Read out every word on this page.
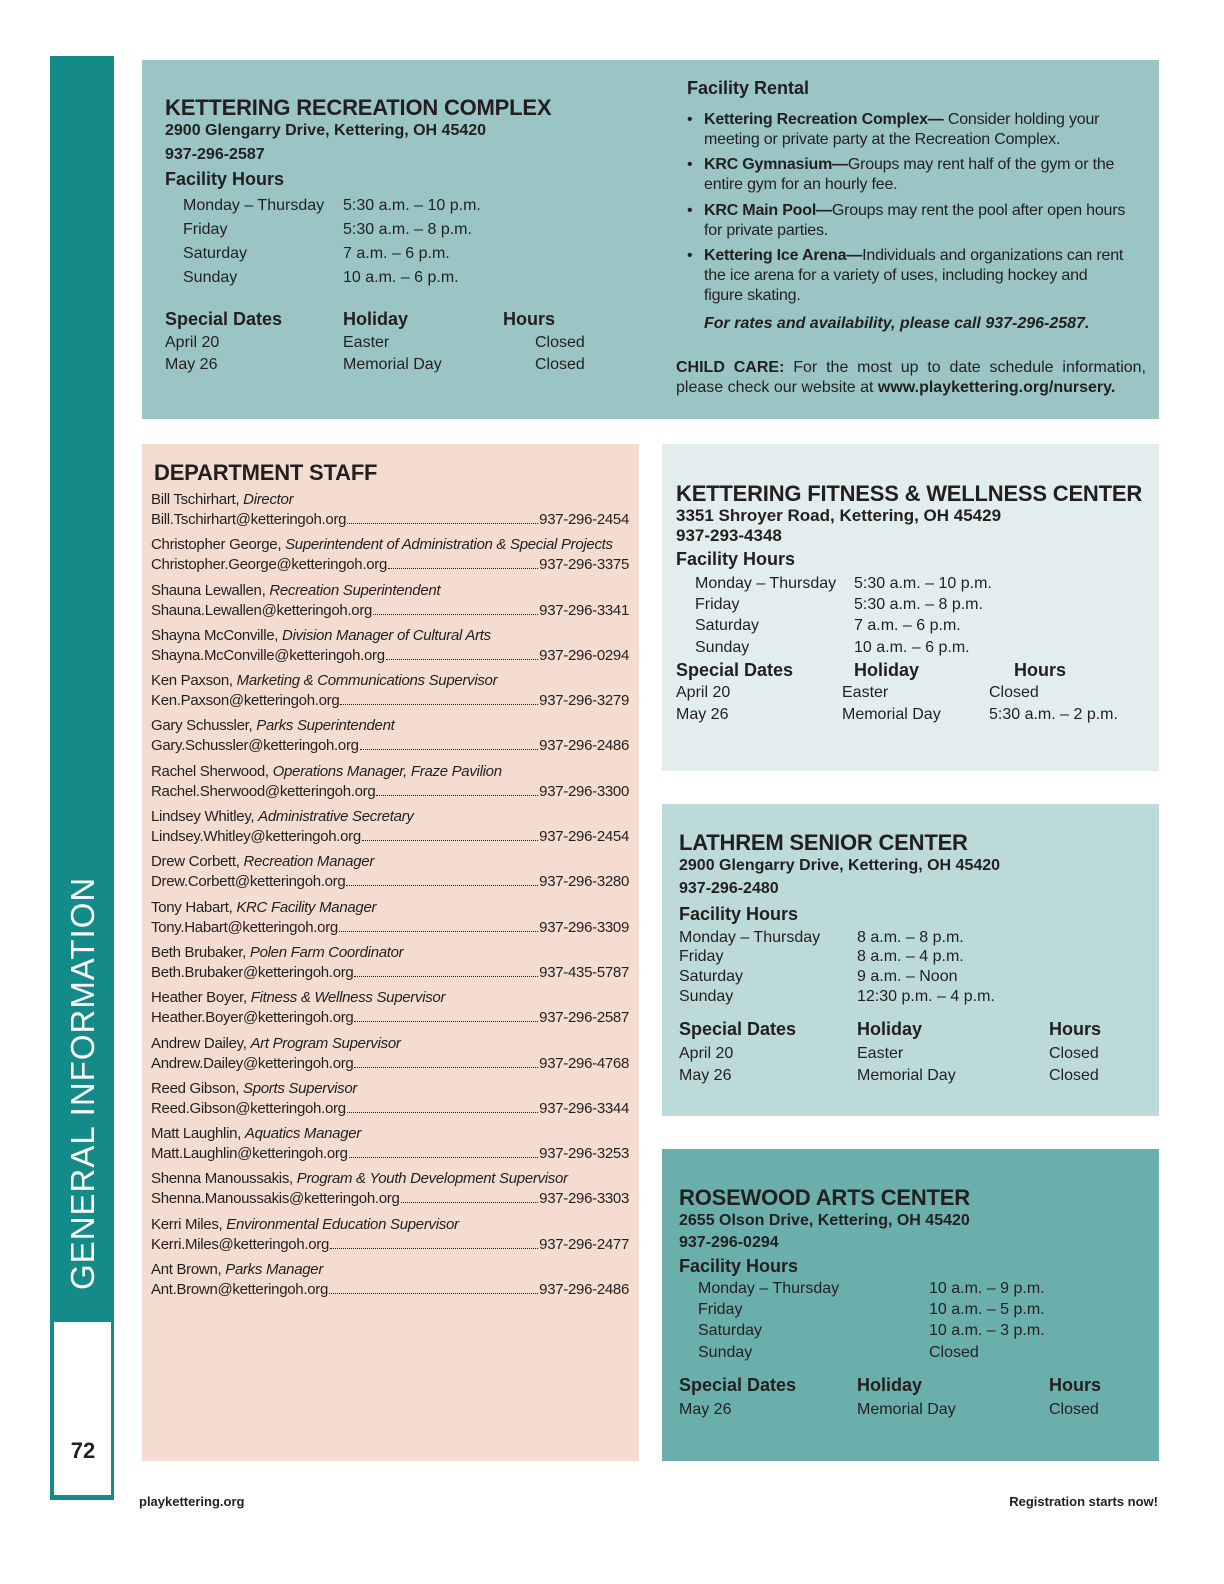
GENERAL INFORMATION
72
KETTERING RECREATION COMPLEX
2900 Glengarry Drive, Kettering, OH 45420
937-296-2587
Facility Hours
Monday – Thursday 5:30 a.m. – 10 p.m.
Friday	5:30 a.m. – 8 p.m.
Saturday	7 a.m. – 6 p.m.
Sunday	10 a.m. – 6 p.m.
Special Dates	Holiday	Hours
April 20	Easter	Closed
May 26	Memorial Day	Closed
Facility Rental
• Kettering Recreation Complex— Consider holding your meeting or private party at the Recreation Complex.
• KRC Gymnasium—Groups may rent half of the gym or the entire gym for an hourly fee.
• KRC Main Pool—Groups may rent the pool after open hours for private parties.
• Kettering Ice Arena—Individuals and organizations can rent the ice arena for a variety of uses, including hockey and figure skating.
For rates and availability, please call 937-296-2587.
CHILD CARE: For the most up to date schedule information, please check our website at www.playkettering.org/nursery.
DEPARTMENT STAFF
Bill Tschirhart, Director
Bill.Tschirhart@ketteringoh.org	937-296-2454
Christopher George, Superintendent of Administration & Special Projects
Christopher.George@ketteringoh.org	937-296-3375
Shauna Lewallen, Recreation Superintendent
Shauna.Lewallen@ketteringoh.org	937-296-3341
Shayna McConville, Division Manager of Cultural Arts
Shayna.McConville@ketteringoh.org	937-296-0294
Ken Paxson, Marketing & Communications Supervisor
Ken.Paxson@ketteringoh.org	937-296-3279
Gary Schussler, Parks Superintendent
Gary.Schussler@ketteringoh.org	937-296-2486
Rachel Sherwood, Operations Manager, Fraze Pavilion
Rachel.Sherwood@ketteringoh.org	937-296-3300
Lindsey Whitley, Administrative Secretary
Lindsey.Whitley@ketteringoh.org	937-296-2454
Drew Corbett, Recreation Manager
Drew.Corbett@ketteringoh.org	937-296-3280
Tony Habart, KRC Facility Manager
Tony.Habart@ketteringoh.org	937-296-3309
Beth Brubaker, Polen Farm Coordinator
Beth.Brubaker@ketteringoh.org	937-435-5787
Heather Boyer, Fitness & Wellness Supervisor
Heather.Boyer@ketteringoh.org	937-296-2587
Andrew Dailey, Art Program Supervisor
Andrew.Dailey@ketteringoh.org	937-296-4768
Reed Gibson, Sports Supervisor
Reed.Gibson@ketteringoh.org	937-296-3344
Matt Laughlin, Aquatics Manager
Matt.Laughlin@ketteringoh.org	937-296-3253
Shenna Manoussakis, Program & Youth Development Supervisor
Shenna.Manoussakis@ketteringoh.org	937-296-3303
Kerri Miles, Environmental Education Supervisor
Kerri.Miles@ketteringoh.org	937-296-2477
Ant Brown, Parks Manager
Ant.Brown@ketteringoh.org	937-296-2486
KETTERING FITNESS & WELLNESS CENTER
3351 Shroyer Road, Kettering, OH 45429
937-293-4348
Facility Hours
Monday – Thursday 5:30 a.m. – 10 p.m.
Friday	5:30 a.m. – 8 p.m.
Saturday	7 a.m. – 6 p.m.
Sunday	10 a.m. – 6 p.m.
Special Dates	Holiday	Hours
April 20	Easter	Closed
May 26	Memorial Day	5:30 a.m. – 2 p.m.
LATHREM SENIOR CENTER
2900 Glengarry Drive, Kettering, OH 45420
937-296-2480
Facility Hours
Monday – Thursday 8 a.m. – 8 p.m.
Friday	8 a.m. – 4 p.m.
Saturday	9 a.m. – Noon
Sunday	12:30 p.m. – 4 p.m.
Special Dates	Holiday	Hours
April 20	Easter	Closed
May 26	Memorial Day	Closed
ROSEWOOD ARTS CENTER
2655 Olson Drive, Kettering, OH 45420
937-296-0294
Facility Hours
Monday – Thursday	10 a.m. – 9 p.m.
Friday	10 a.m. – 5 p.m.
Saturday	10 a.m. – 3 p.m.
Sunday	Closed
Special Dates	Holiday	Hours
May 26	Memorial Day	Closed
playkettering.org	Registration starts now!
